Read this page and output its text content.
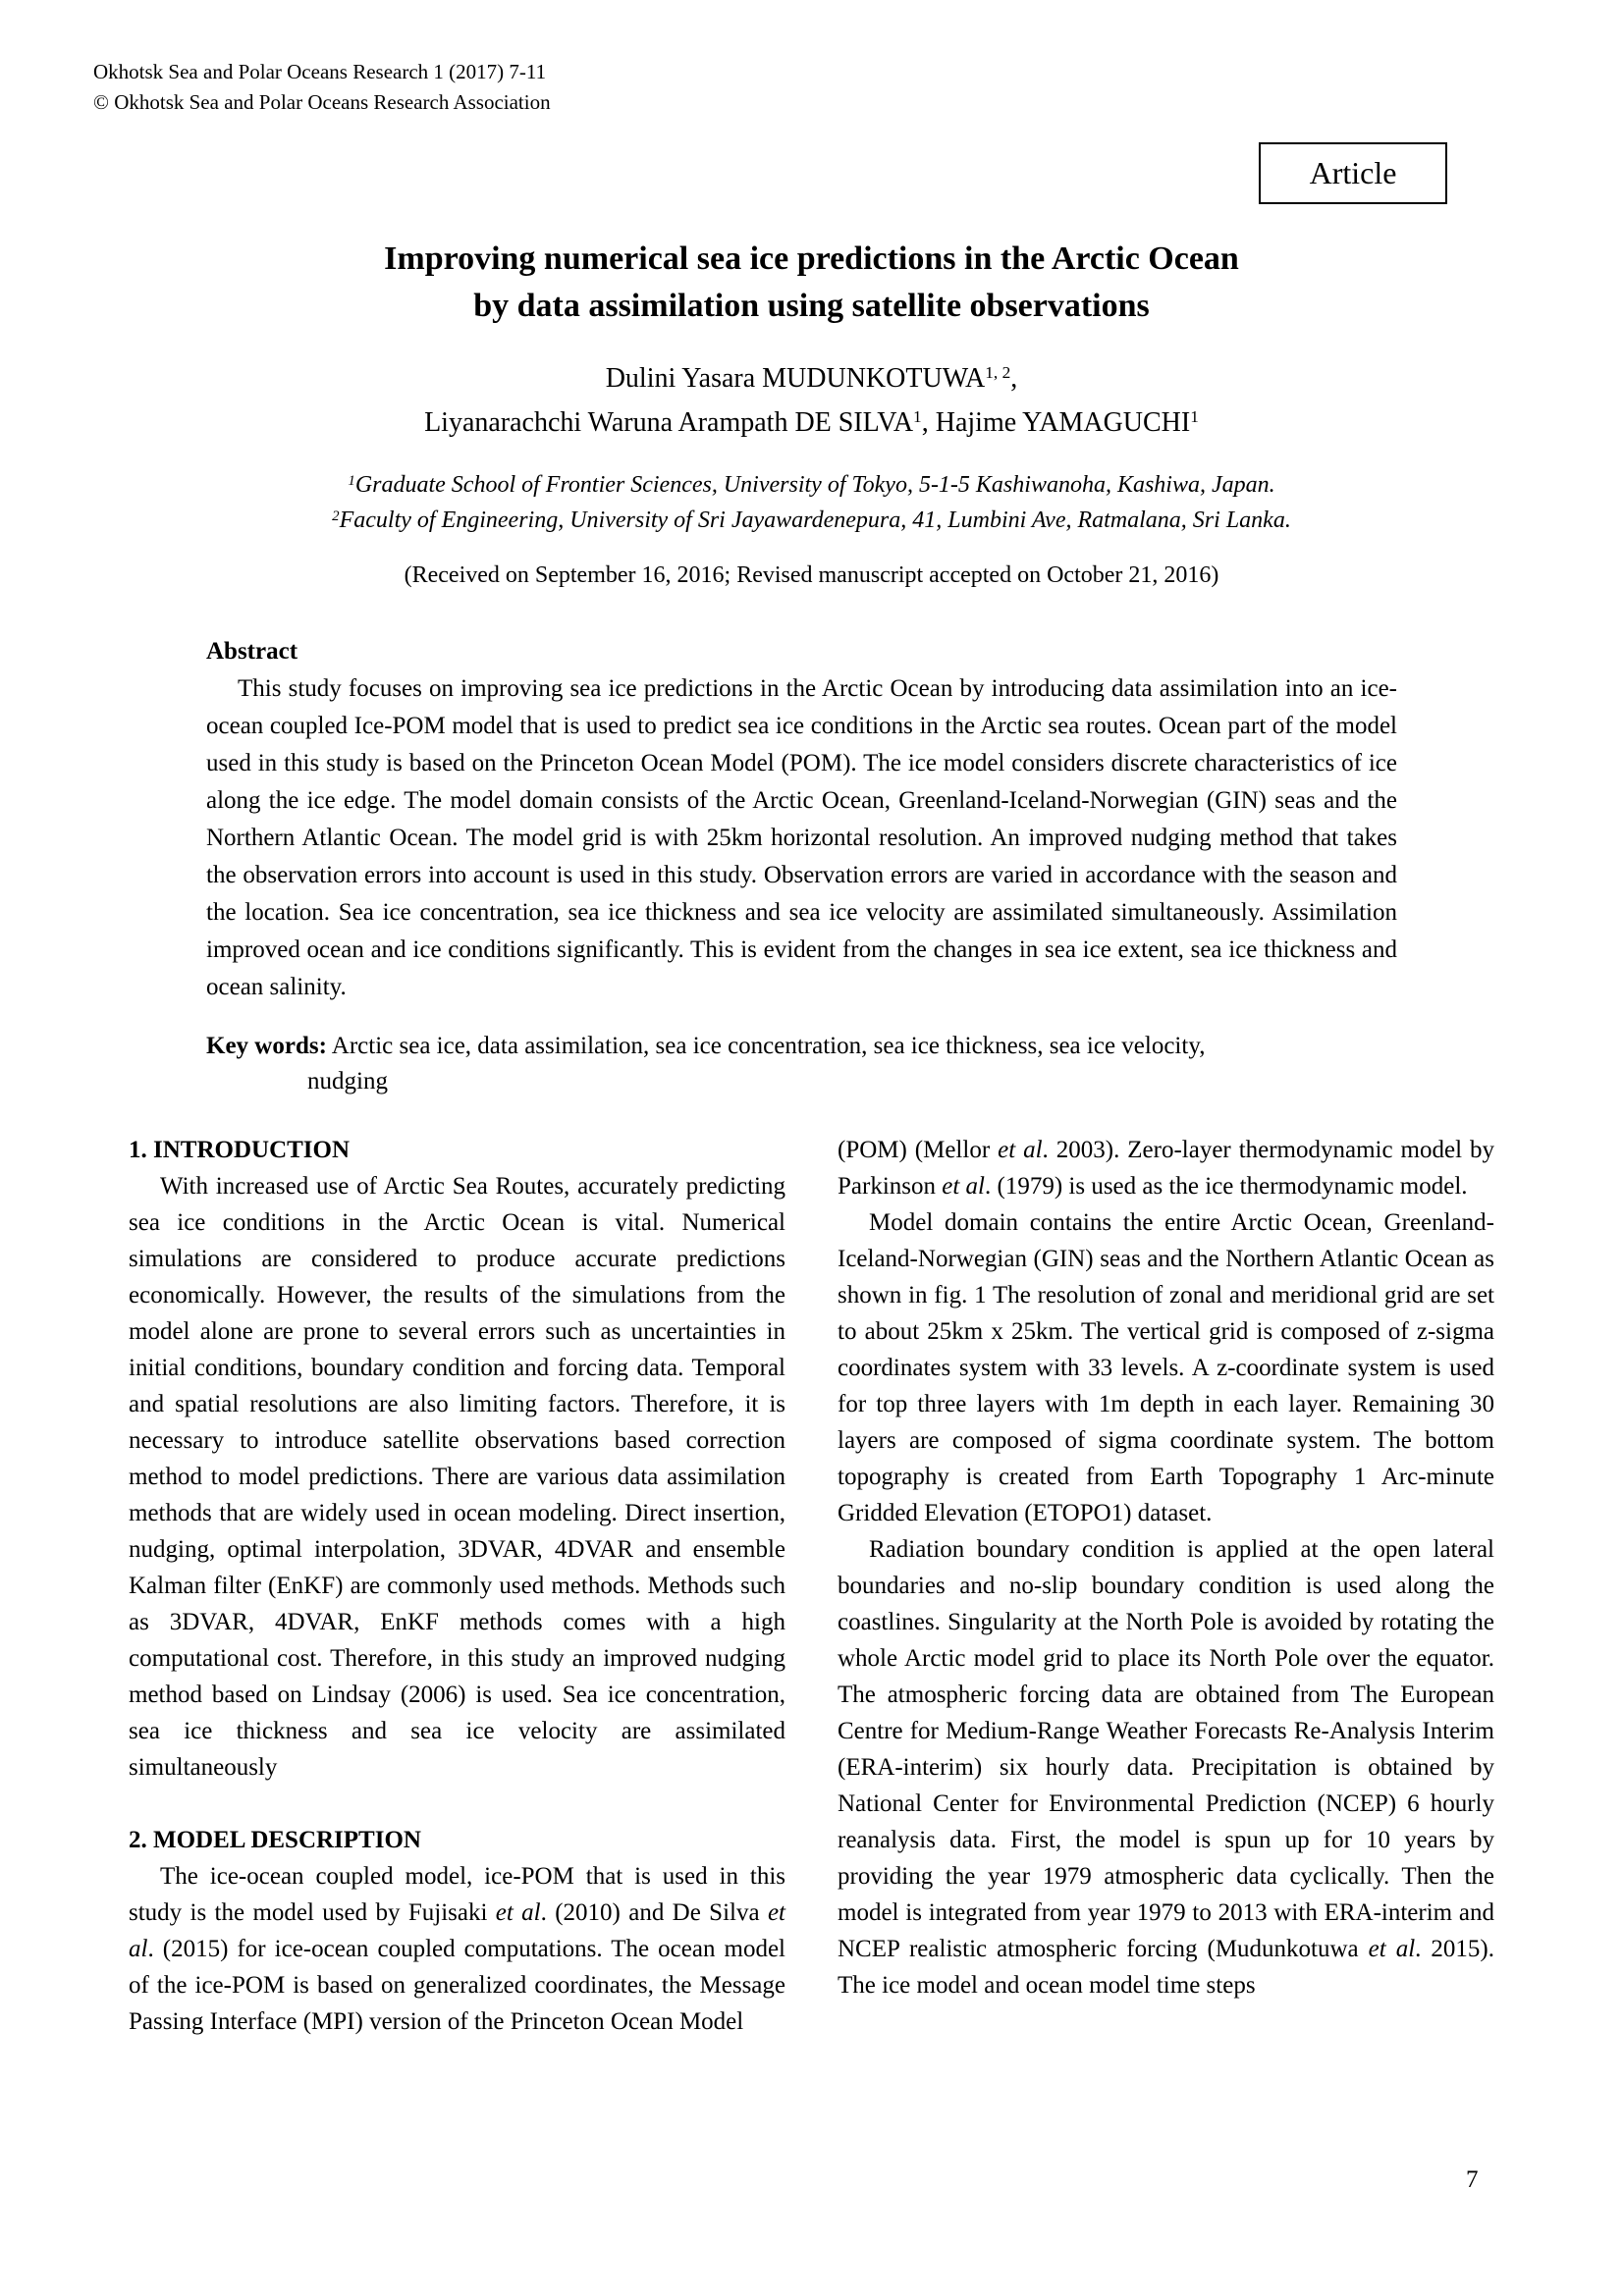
Okhotsk Sea and Polar Oceans Research 1 (2017) 7-11
© Okhotsk Sea and Polar Oceans Research Association
Article
Improving numerical sea ice predictions in the Arctic Ocean
by data assimilation using satellite observations
Dulini Yasara MUDUNKOTUWA$^{1, 2}$,
Liyanarachchi Waruna Arampath DE SILVA$^1$, Hajime YAMAGUCHI$^1$
$^1$Graduate School of Frontier Sciences, University of Tokyo, 5-1-5 Kashiwanoha, Kashiwa, Japan.
$^2$Faculty of Engineering, University of Sri Jayawardenepura, 41, Lumbini Ave, Ratmalana, Sri Lanka.
(Received on September 16, 2016; Revised manuscript accepted on October 21, 2016)
Abstract

This study focuses on improving sea ice predictions in the Arctic Ocean by introducing data assimilation into an ice-ocean coupled Ice-POM model that is used to predict sea ice conditions in the Arctic sea routes. Ocean part of the model used in this study is based on the Princeton Ocean Model (POM). The ice model considers discrete characteristics of ice along the ice edge. The model domain consists of the Arctic Ocean, Greenland-Iceland-Norwegian (GIN) seas and the Northern Atlantic Ocean. The model grid is with 25km horizontal resolution. An improved nudging method that takes the observation errors into account is used in this study. Observation errors are varied in accordance with the season and the location. Sea ice concentration, sea ice thickness and sea ice velocity are assimilated simultaneously. Assimilation improved ocean and ice conditions significantly. This is evident from the changes in sea ice extent, sea ice thickness and ocean salinity.

Key words: Arctic sea ice, data assimilation, sea ice concentration, sea ice thickness, sea ice velocity,
nudging
1. INTRODUCTION

With increased use of Arctic Sea Routes, accurately predicting sea ice conditions in the Arctic Ocean is vital. Numerical simulations are considered to produce accurate predictions economically. However, the results of the simulations from the model alone are prone to several errors such as uncertainties in initial conditions, boundary condition and forcing data. Temporal and spatial resolutions are also limiting factors. Therefore, it is necessary to introduce satellite observations based correction method to model predictions. There are various data assimilation methods that are widely used in ocean modeling. Direct insertion, nudging, optimal interpolation, 3DVAR, 4DVAR and ensemble Kalman filter (EnKF) are commonly used methods. Methods such as 3DVAR, 4DVAR, EnKF methods comes with a high computational cost. Therefore, in this study an improved nudging method based on Lindsay (2006) is used. Sea ice concentration, sea ice thickness and sea ice velocity are assimilated simultaneously

2. MODEL DESCRIPTION

The ice-ocean coupled model, ice-POM that is used in this study is the model used by Fujisaki et al. (2010) and De Silva et al. (2015) for ice-ocean coupled computations. The ocean model of the ice-POM is based on generalized coordinates, the Message Passing Interface (MPI) version of the Princeton Ocean Model

(POM) (Mellor et al. 2003). Zero-layer thermodynamic model by Parkinson et al. (1979) is used as the ice thermodynamic model.

Model domain contains the entire Arctic Ocean, Greenland-Iceland-Norwegian (GIN) seas and the Northern Atlantic Ocean as shown in fig. 1 The resolution of zonal and meridional grid are set to about 25km x 25km. The vertical grid is composed of z-sigma coordinates system with 33 levels. A z-coordinate system is used for top three layers with 1m depth in each layer. Remaining 30 layers are composed of sigma coordinate system. The bottom topography is created from Earth Topography 1 Arc-minute Gridded Elevation (ETOPO1) dataset.

Radiation boundary condition is applied at the open lateral boundaries and no-slip boundary condition is used along the coastlines. Singularity at the North Pole is avoided by rotating the whole Arctic model grid to place its North Pole over the equator. The atmospheric forcing data are obtained from The European Centre for Medium-Range Weather Forecasts Re-Analysis Interim (ERA-interim) six hourly data. Precipitation is obtained by National Center for Environmental Prediction (NCEP) 6 hourly reanalysis data. First, the model is spun up for 10 years by providing the year 1979 atmospheric data cyclically. Then the model is integrated from year 1979 to 2013 with ERA-interim and NCEP realistic atmospheric forcing (Mudunkotuwa et al. 2015). The ice model and ocean model time steps

7
